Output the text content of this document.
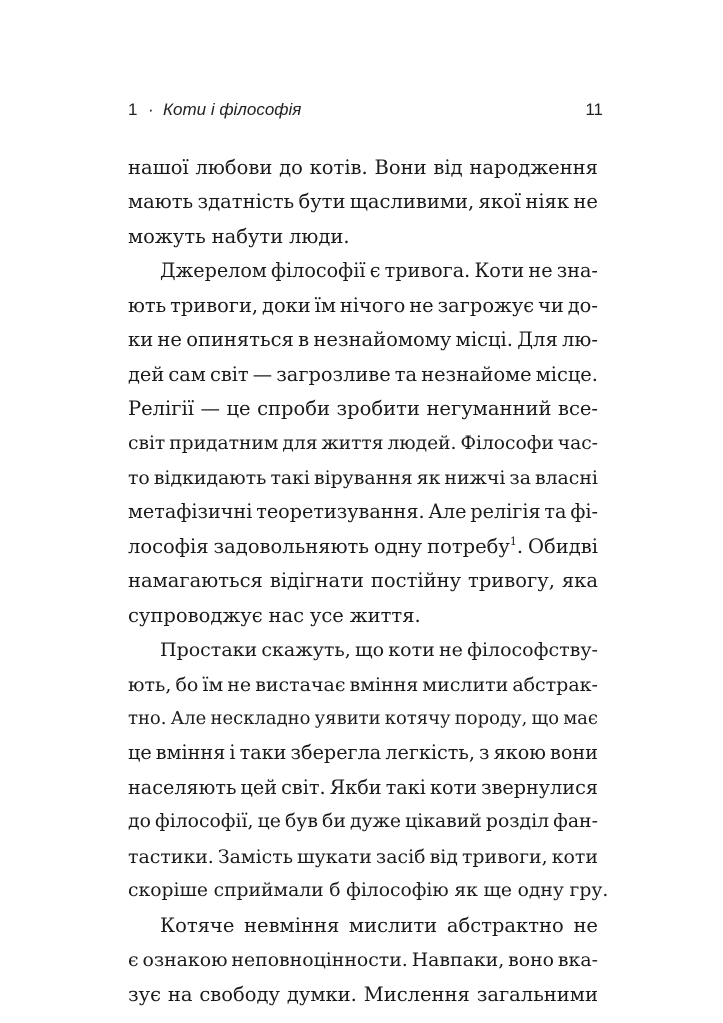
1 · Коти і філософія	11
нашої любови до котів. Вони від народження
мають здатність бути щасливими, якої ніяк не
можуть набути люди.
Джерелом філософії є тривога. Коти не зна-
ють тривоги, доки їм нічого не загрожує чи до-
ки не опиняться в незнайомому місці. Для лю-
дей сам світ — загрозливе та незнайоме місце.
Релігії — це спроби зробити негуманний все-
світ придатним для життя людей. Філософи час-
то відкидають такі вірування як нижчі за власні
метафізичні теоретизування. Але релігія та фі-
лософія задовольняють одну потребу$^1$. Обидві
намагаються відігнати постійну тривогу, яка
супроводжує нас усе життя.
Простаки скажуть, що коти не філософству-
ють, бо їм не вистачає вміння мислити абстрак-
тно. Але нескладно уявити котячу породу, що має
це вміння і таки зберегла легкість, з якою вони
населяють цей світ. Якби такі коти звернулися
до філософії, це був би дуже цікавий розділ фан-
тастики. Замість шукати засіб від тривоги, коти
скоріше сприймали б філософію як ще одну гру.
Котяче невміння мислити абстрактно не
є ознакою неповноцінности. Навпаки, воно вка-
зує на свободу думки. Мислення загальними
